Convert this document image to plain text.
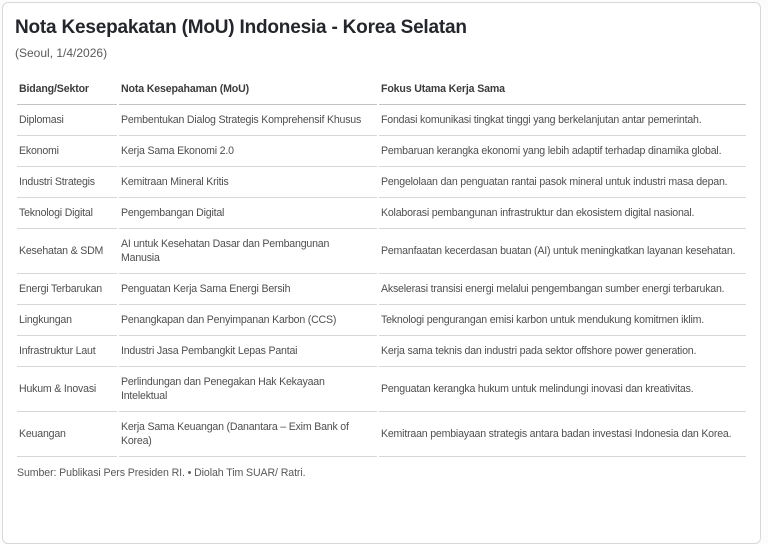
Nota Kesepakatan (MoU) Indonesia - Korea Selatan
(Seoul, 1/4/2026)
Bidang/Sektor	Nota Kesepahaman (MoU)	Fokus Utama Kerja Sama
Diplomasi	Pembentukan Dialog Strategis Komprehensif Khusus	Fondasi komunikasi tingkat tinggi yang berkelanjutan antar pemerintah.
Ekonomi	Kerja Sama Ekonomi 2.0	Pembaruan kerangka ekonomi yang lebih adaptif terhadap dinamika global.
Industri Strategis	Kemitraan Mineral Kritis	Pengelolaan dan penguatan rantai pasok mineral untuk industri masa depan.
Teknologi Digital	Pengembangan Digital	Kolaborasi pembangunan infrastruktur dan ekosistem digital nasional.
Kesehatan & SDM	AI untuk Kesehatan Dasar dan Pembangunan Manusia	Pemanfaatan kecerdasan buatan (AI) untuk meningkatkan layanan kesehatan.
Energi Terbarukan	Penguatan Kerja Sama Energi Bersih	Akselerasi transisi energi melalui pengembangan sumber energi terbarukan.
Lingkungan	Penangkapan dan Penyimpanan Karbon (CCS)	Teknologi pengurangan emisi karbon untuk mendukung komitmen iklim.
Infrastruktur Laut	Industri Jasa Pembangkit Lepas Pantai	Kerja sama teknis dan industri pada sektor offshore power generation.
Hukum & Inovasi	Perlindungan dan Penegakan Hak Kekayaan Intelektual	Penguatan kerangka hukum untuk melindungi inovasi dan kreativitas.
Keuangan	Kerja Sama Keuangan (Danantara – Exim Bank of Korea)	Kemitraan pembiayaan strategis antara badan investasi Indonesia dan Korea.
Sumber: Publikasi Pers Presiden RI. • Diolah Tim SUAR/ Ratri.
